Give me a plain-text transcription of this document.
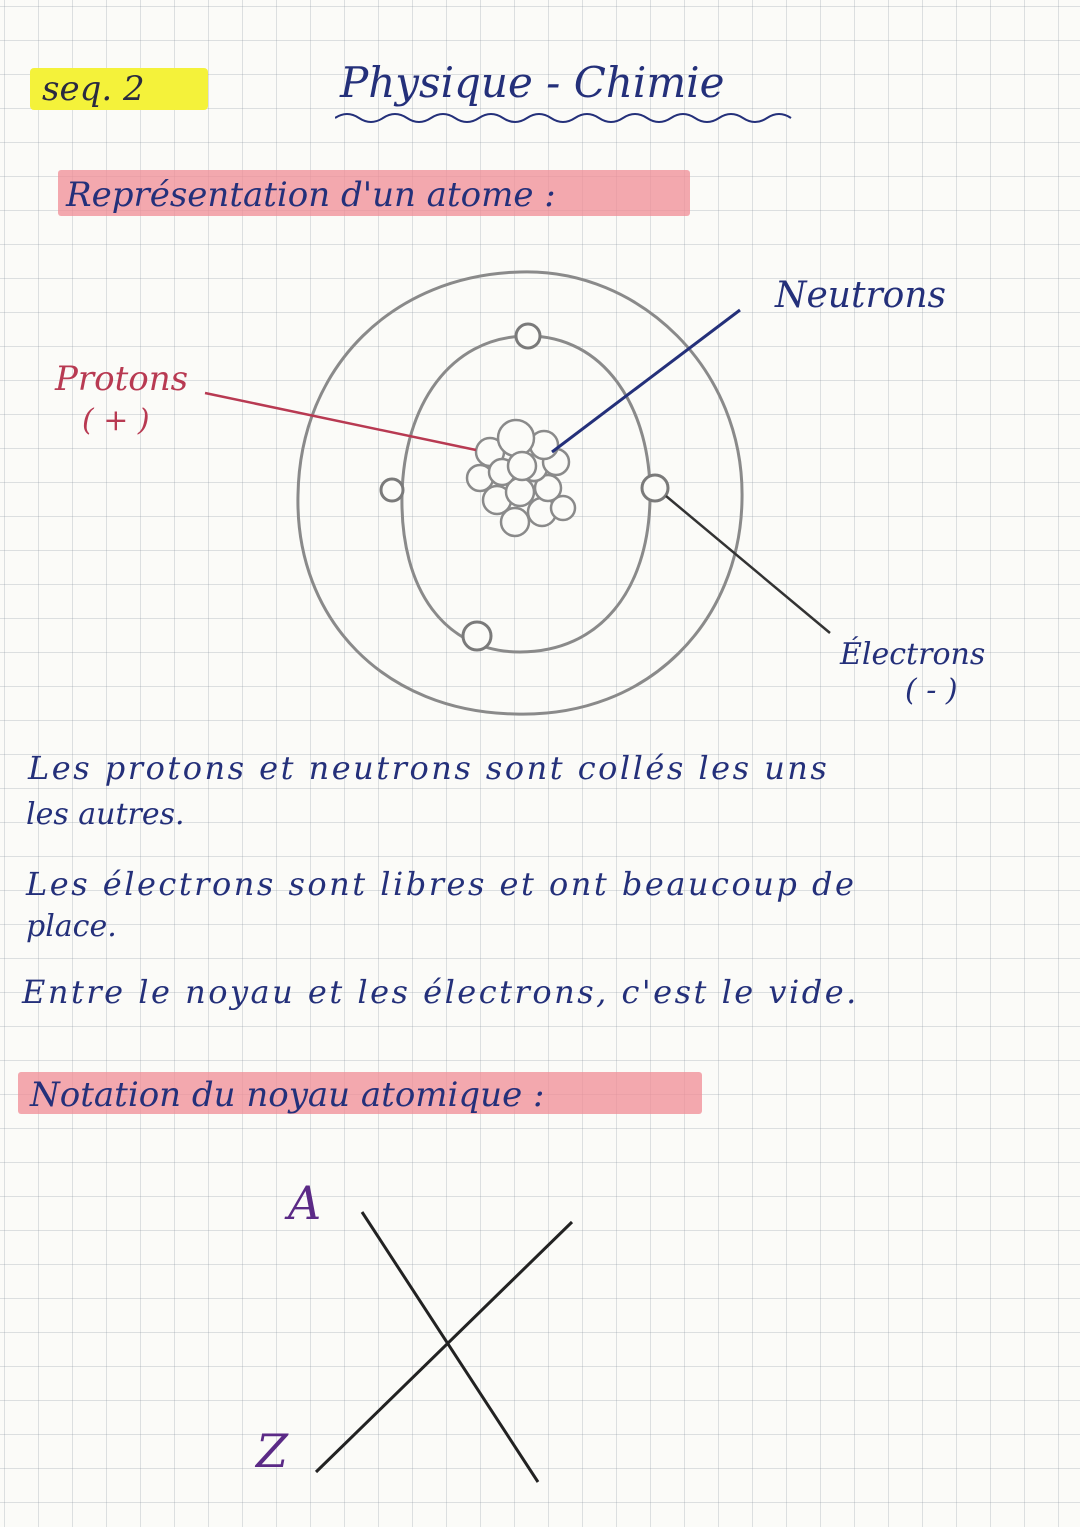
seq. 2	Physique - Chimie
Représentation d'un atome :
Neutrons
Protons
( + )
Électrons
( - )
Les protons et neutrons sont collés les uns
les autres.
Les électrons sont libres et ont beaucoup de
place.
Entre le noyau et les électrons, c'est le vide.
Notation du noyau atomique :
A
Z
